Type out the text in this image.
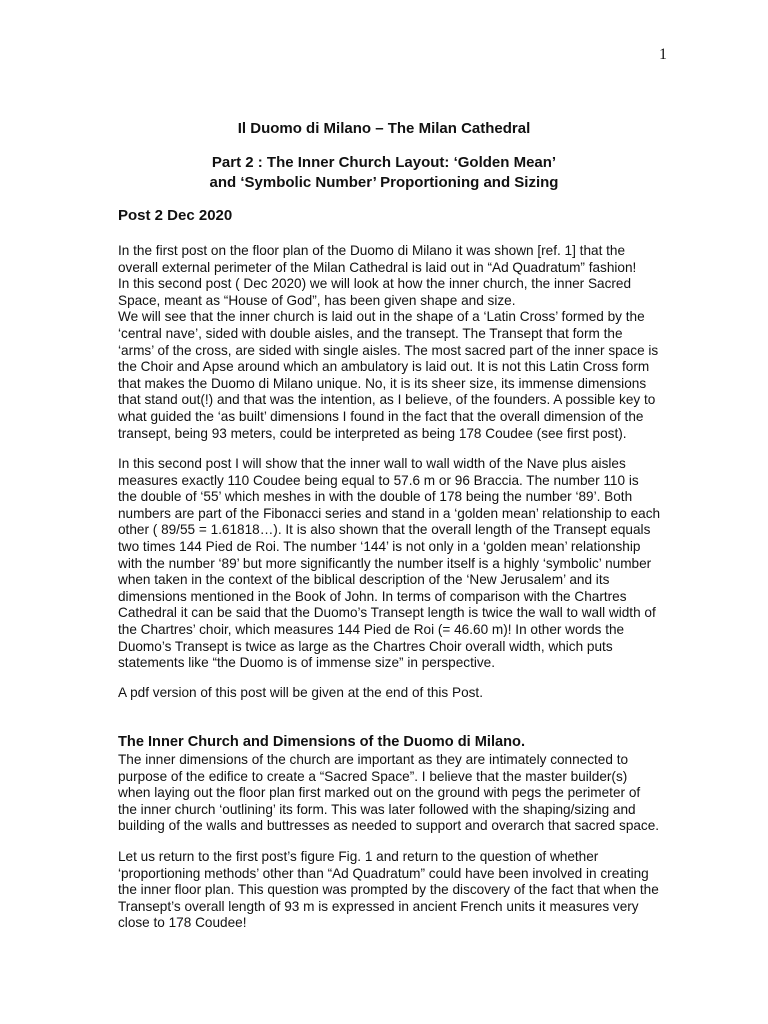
1
Il Duomo di Milano – The Milan Cathedral
Part 2 : The Inner Church Layout: ‘Golden Mean’
and ‘Symbolic Number’ Proportioning and Sizing
Post 2 Dec 2020
In the first post on the floor plan of the Duomo di Milano it was shown [ref. 1] that the
overall external perimeter of the Milan Cathedral is laid out in “Ad Quadratum” fashion!
In this second post ( Dec 2020) we will look at how the inner church, the inner Sacred
Space, meant as “House of God”, has been given shape and size.
We will see that the inner church is laid out in the shape of a ‘Latin Cross’ formed by the
‘central nave’, sided with double aisles, and the transept. The Transept that form the
‘arms’ of the cross, are sided with single aisles. The most sacred part of the inner space is
the Choir and Apse around which an ambulatory is laid out. It is not this Latin Cross form
that makes the Duomo di Milano unique. No, it is its sheer size, its immense dimensions
that stand out(!) and that was the intention, as I believe, of the founders. A possible key to
what guided the ‘as built’ dimensions I found in the fact that the overall dimension of the
transept, being 93 meters, could be interpreted as being 178 Coudee (see first post).
In this second post I will show that the inner wall to wall width of the Nave plus aisles
measures exactly 110 Coudee being equal to 57.6 m or 96 Braccia. The number 110 is
the double of ‘55’ which meshes in with the double of 178 being the number ‘89’. Both
numbers are part of the Fibonacci series and stand in a ‘golden mean’ relationship to each
other ( 89/55 = 1.61818…). It is also shown that the overall length of the Transept equals
two times 144 Pied de Roi. The number ‘144’ is not only in a ‘golden mean’ relationship
with the number ‘89’ but more significantly the number itself is a highly ‘symbolic’ number
when taken in the context of the biblical description of the ‘New Jerusalem’ and its
dimensions mentioned in the Book of John. In terms of comparison with the Chartres
Cathedral it can be said that the Duomo’s Transept length is twice the wall to wall width of
the Chartres’ choir, which measures 144 Pied de Roi (= 46.60 m)! In other words the
Duomo’s Transept is twice as large as the Chartres Choir overall width, which puts
statements like “the Duomo is of immense size” in perspective.
A pdf version of this post will be given at the end of this Post.
The Inner Church and Dimensions of the Duomo di Milano.
The inner dimensions of the church are important as they are intimately connected to
purpose of the edifice to create a “Sacred Space”. I believe that the master builder(s)
when laying out the floor plan first marked out on the ground with pegs the perimeter of
the inner church ‘outlining’ its form. This was later followed with the shaping/sizing and
building of the walls and buttresses as needed to support and overarch that sacred space.
Let us return to the first post’s figure Fig. 1 and return to the question of whether
‘proportioning methods’ other than “Ad Quadratum” could have been involved in creating
the inner floor plan. This question was prompted by the discovery of the fact that when the
Transept’s overall length of 93 m is expressed in ancient French units it measures very
close to 178 Coudee!
